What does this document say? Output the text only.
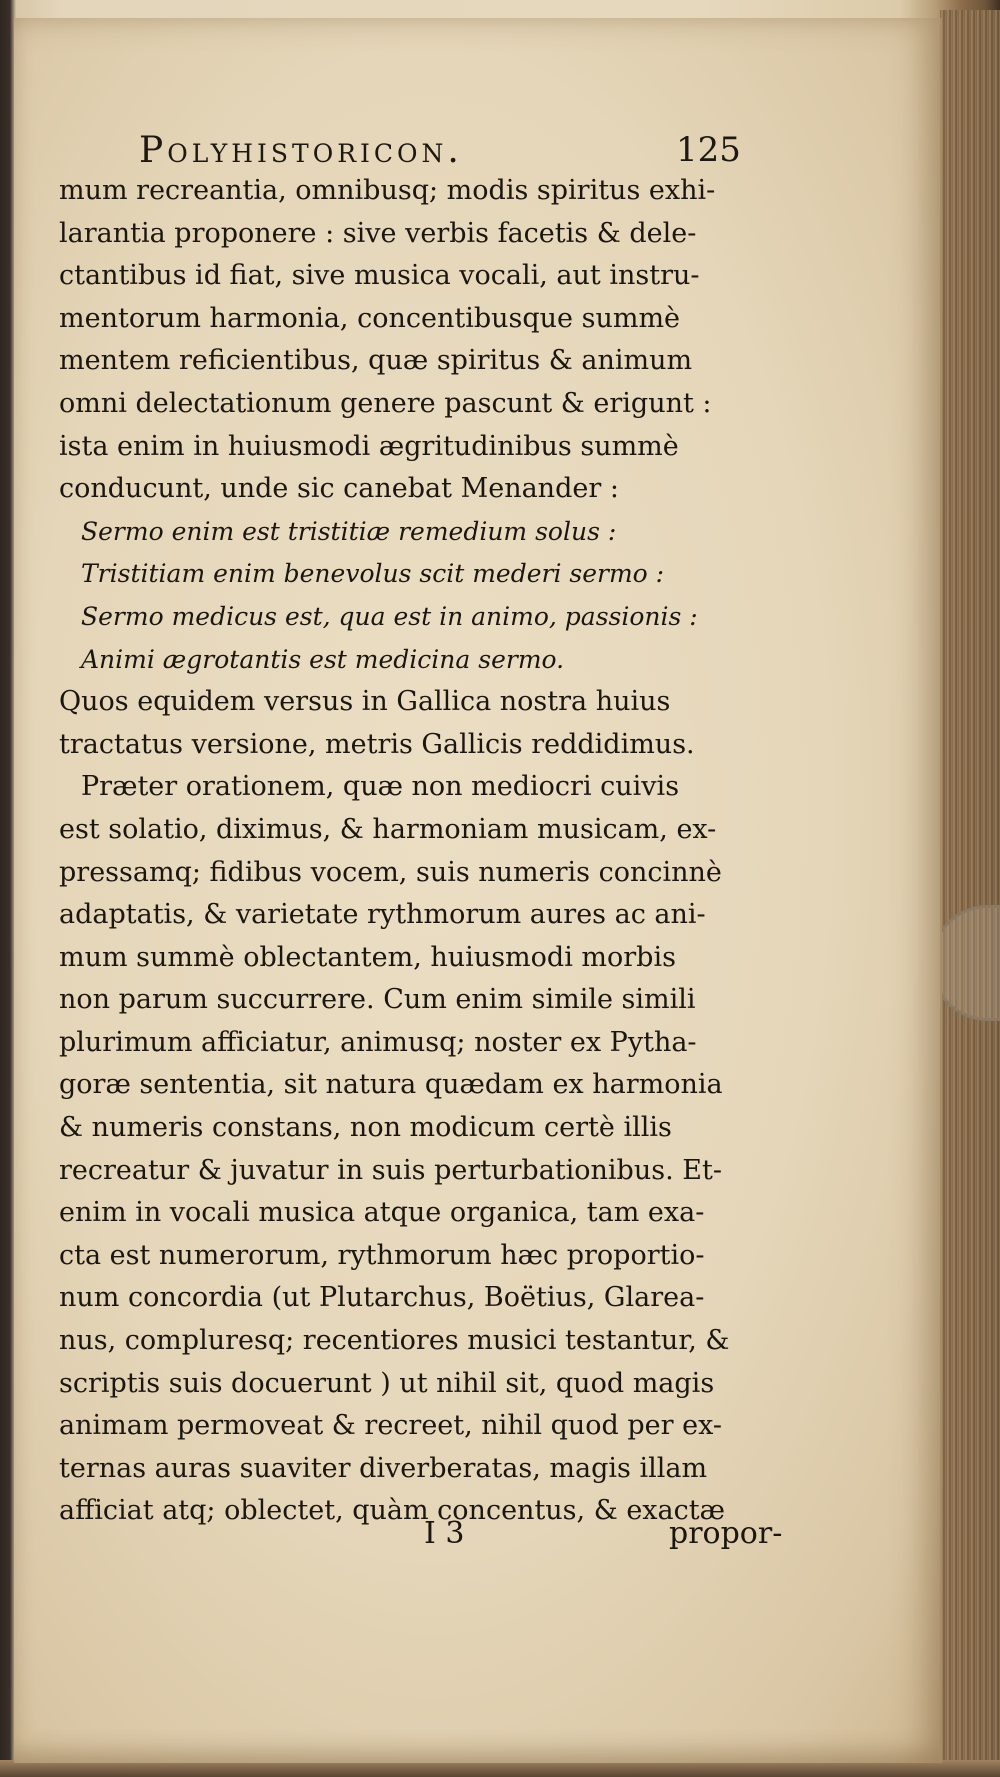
Polyhistoricon.	125
mum recreantia, omnibusq; modis spiritus exhi-
larantia proponere : sive verbis facetis & dele-
ctantibus id fiat, sive musica vocali, aut instru-
mentorum harmonia, concentibusque summè
mentem reficientibus, quæ spiritus & animum
omni delectationum genere pascunt & erigunt :
ista enim in huiusmodi ægritudinibus summè
conducunt, unde sic canebat Menander :
Sermo enim est tristitiæ remedium solus :
Tristitiam enim benevolus scit mederi sermo :
Sermo medicus est, qua est in animo, passionis :
Animi ægrotantis est medicina sermo.
Quos equidem versus in Gallica nostra huius
tractatus versione, metris Gallicis reddidimus.
Præter orationem, quæ non mediocri cuivis
est solatio, diximus, & harmoniam musicam, ex-
pressamq; fidibus vocem, suis numeris concinnè
adaptatis, & varietate rythmorum aures ac ani-
mum summè oblectantem, huiusmodi morbis
non parum succurrere. Cum enim simile simili
plurimum afficiatur, animusq; noster ex Pytha-
goræ sententia, sit natura quædam ex harmonia
& numeris constans, non modicum certè illis
recreatur & juvatur in suis perturbationibus. Et-
enim in vocali musica atque organica, tam exa-
cta est numerorum, rythmorum hæc proportio-
num concordia (ut Plutarchus, Boëtius, Glarea-
nus, compluresq; recentiores musici testantur, &
scriptis suis docuerunt ) ut nihil sit, quod magis
animam permoveat & recreet, nihil quod per ex-
ternas auras suaviter diverberatas, magis illam
afficiat atq; oblectet, quàm concentus, & exactæ
I 3	propor-
